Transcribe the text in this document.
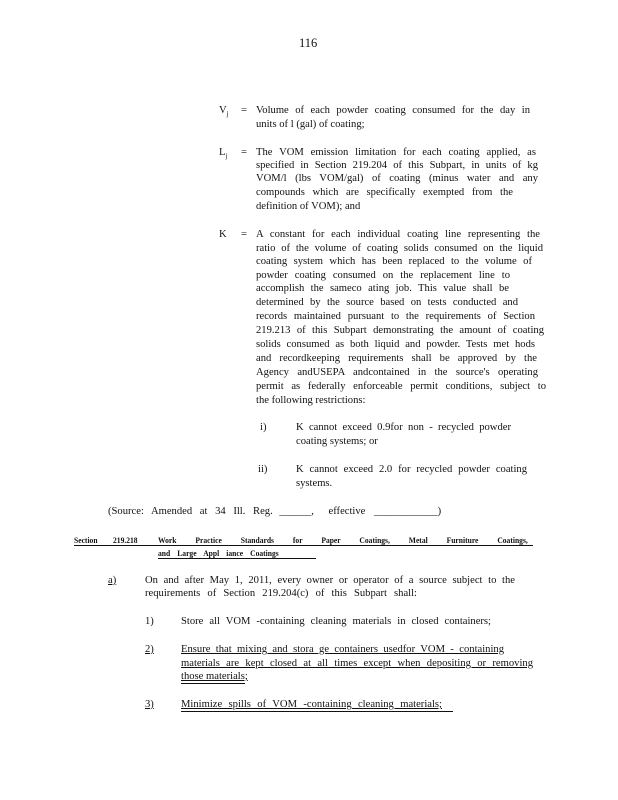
116
$V_j$ = Volume of each powder coating consumed for the day in
units of l (gal) of coating;
$L_j$ = The VOM emission limitation for each coating applied, as
specified in Section 219.204 of this Subpart, in units of kg
VOM/l (lbs VOM/gal) of coating (minus water and any
compounds which are specifically exempted from the
definition of VOM); and
K = A constant for each individual coating line representing the
ratio of the volume of coating solids consumed on the liquid
coating system which has been replaced to the volume of
powder coating consumed on the replacement line to
accomplish the sameco ating job. This value shall be
determined by the source based on tests conducted and
records maintained pursuant to the requirements of Section
219.213 of this Subpart demonstrating the amount of coating
solids consumed as both liquid and powder. Tests met hods
and recordkeeping requirements shall be approved by the
Agency andUSEPA andcontained in the source's operating
permit as federally enforceable permit conditions, subject to
the following restrictions:
i)	K cannot exceed 0.9for non - recycled powder
coating systems; or
ii)	K cannot exceed 2.0 for recycled powder coating
systems.
(Source: Amended at 34 Ill. Reg. ______, effective ____________)
Section 219.218 Work Practice Standards for Paper Coatings, Metal Furniture Coatings,
and Large Appl iance Coatings
a)	On and after May 1, 2011, every owner or operator of a source subject to the
requirements of Section 219.204(c) of this Subpart shall:
1)	Store all VOM -containing cleaning materials in closed containers;
2)	Ensure that mixing and stora ge containers usedfor VOM - containing
materials are kept closed at all times except when depositing or removing
those materials;
3)	Minimize spills of VOM -containing cleaning materials;
